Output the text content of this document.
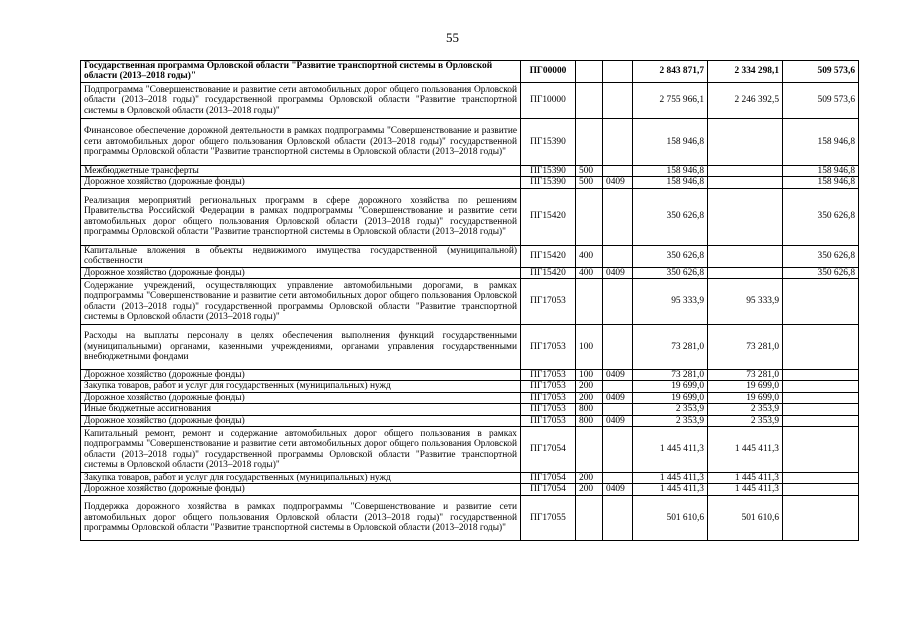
55
Государственная программа Орловской области "Развитие транспортной системы в Орловской области (2013–2018 годы)"	ПГ00000			2 843 871,7	2 334 298,1	509 573,6
Подпрограмма "Совершенствование и развитие сети автомобильных дорог общего пользования Орловской области (2013–2018 годы)" государственной программы Орловской области "Развитие транспортной системы в Орловской области (2013–2018 годы)"	ПГ10000			2 755 966,1	2 246 392,5	509 573,6
Финансовое обеспечение дорожной деятельности в рамках подпрограммы "Совершенствование и развитие сети автомобильных дорог общего пользования Орловской области (2013–2018 годы)" государственной программы Орловской области "Развитие транспортной системы в Орловской области (2013–2018 годы)"	ПГ15390			158 946,8		158 946,8
Межбюджетные трансферты	ПГ15390	500		158 946,8		158 946,8
Дорожное хозяйство (дорожные фонды)	ПГ15390	500	0409	158 946,8		158 946,8
Реализация мероприятий региональных программ в сфере дорожного хозяйства по решениям Правительства Российской Федерации в рамках подпрограммы "Совершенствование и развитие сети автомобильных дорог общего пользования Орловской области (2013–2018 годы)" государственной программы Орловской области "Развитие транспортной системы в Орловской области (2013–2018 годы)"	ПГ15420			350 626,8		350 626,8
Капитальные вложения в объекты недвижимого имущества государственной (муниципальной) собственности	ПГ15420	400		350 626,8		350 626,8
Дорожное хозяйство (дорожные фонды)	ПГ15420	400	0409	350 626,8		350 626,8
Содержание учреждений, осуществляющих управление автомобильными дорогами, в рамках подпрограммы "Совершенствование и развитие сети автомобильных дорог общего пользования Орловской области (2013–2018 годы)" государственной программы Орловской области "Развитие транспортной системы в Орловской области (2013–2018 годы)"	ПГ17053			95 333,9	95 333,9	
Расходы на выплаты персоналу в целях обеспечения выполнения функций государственными (муниципальными) органами, казенными учреждениями, органами управления государственными внебюджетными фондами	ПГ17053	100		73 281,0	73 281,0	
Дорожное хозяйство (дорожные фонды)	ПГ17053	100	0409	73 281,0	73 281,0	
Закупка товаров, работ и услуг для государственных (муниципальных) нужд	ПГ17053	200		19 699,0	19 699,0	
Дорожное хозяйство (дорожные фонды)	ПГ17053	200	0409	19 699,0	19 699,0	
Иные бюджетные ассигнования	ПГ17053	800		2 353,9	2 353,9	
Дорожное хозяйство (дорожные фонды)	ПГ17053	800	0409	2 353,9	2 353,9	
Капитальный ремонт, ремонт и содержание автомобильных дорог общего пользования в рамках подпрограммы "Совершенствование и развитие сети автомобильных дорог общего пользования Орловской области (2013–2018 годы)" государственной программы Орловской области "Развитие транспортной системы в Орловской области (2013–2018 годы)"	ПГ17054			1 445 411,3	1 445 411,3	
Закупка товаров, работ и услуг для государственных (муниципальных) нужд	ПГ17054	200		1 445 411,3	1 445 411,3	
Дорожное хозяйство (дорожные фонды)	ПГ17054	200	0409	1 445 411,3	1 445 411,3	
Поддержка дорожного хозяйства в рамках подпрограммы "Совершенствование и развитие сети автомобильных дорог общего пользования Орловской области (2013–2018 годы)" государственной программы Орловской области "Развитие транспортной системы в Орловской области (2013–2018 годы)"	ПГ17055			501 610,6	501 610,6	
